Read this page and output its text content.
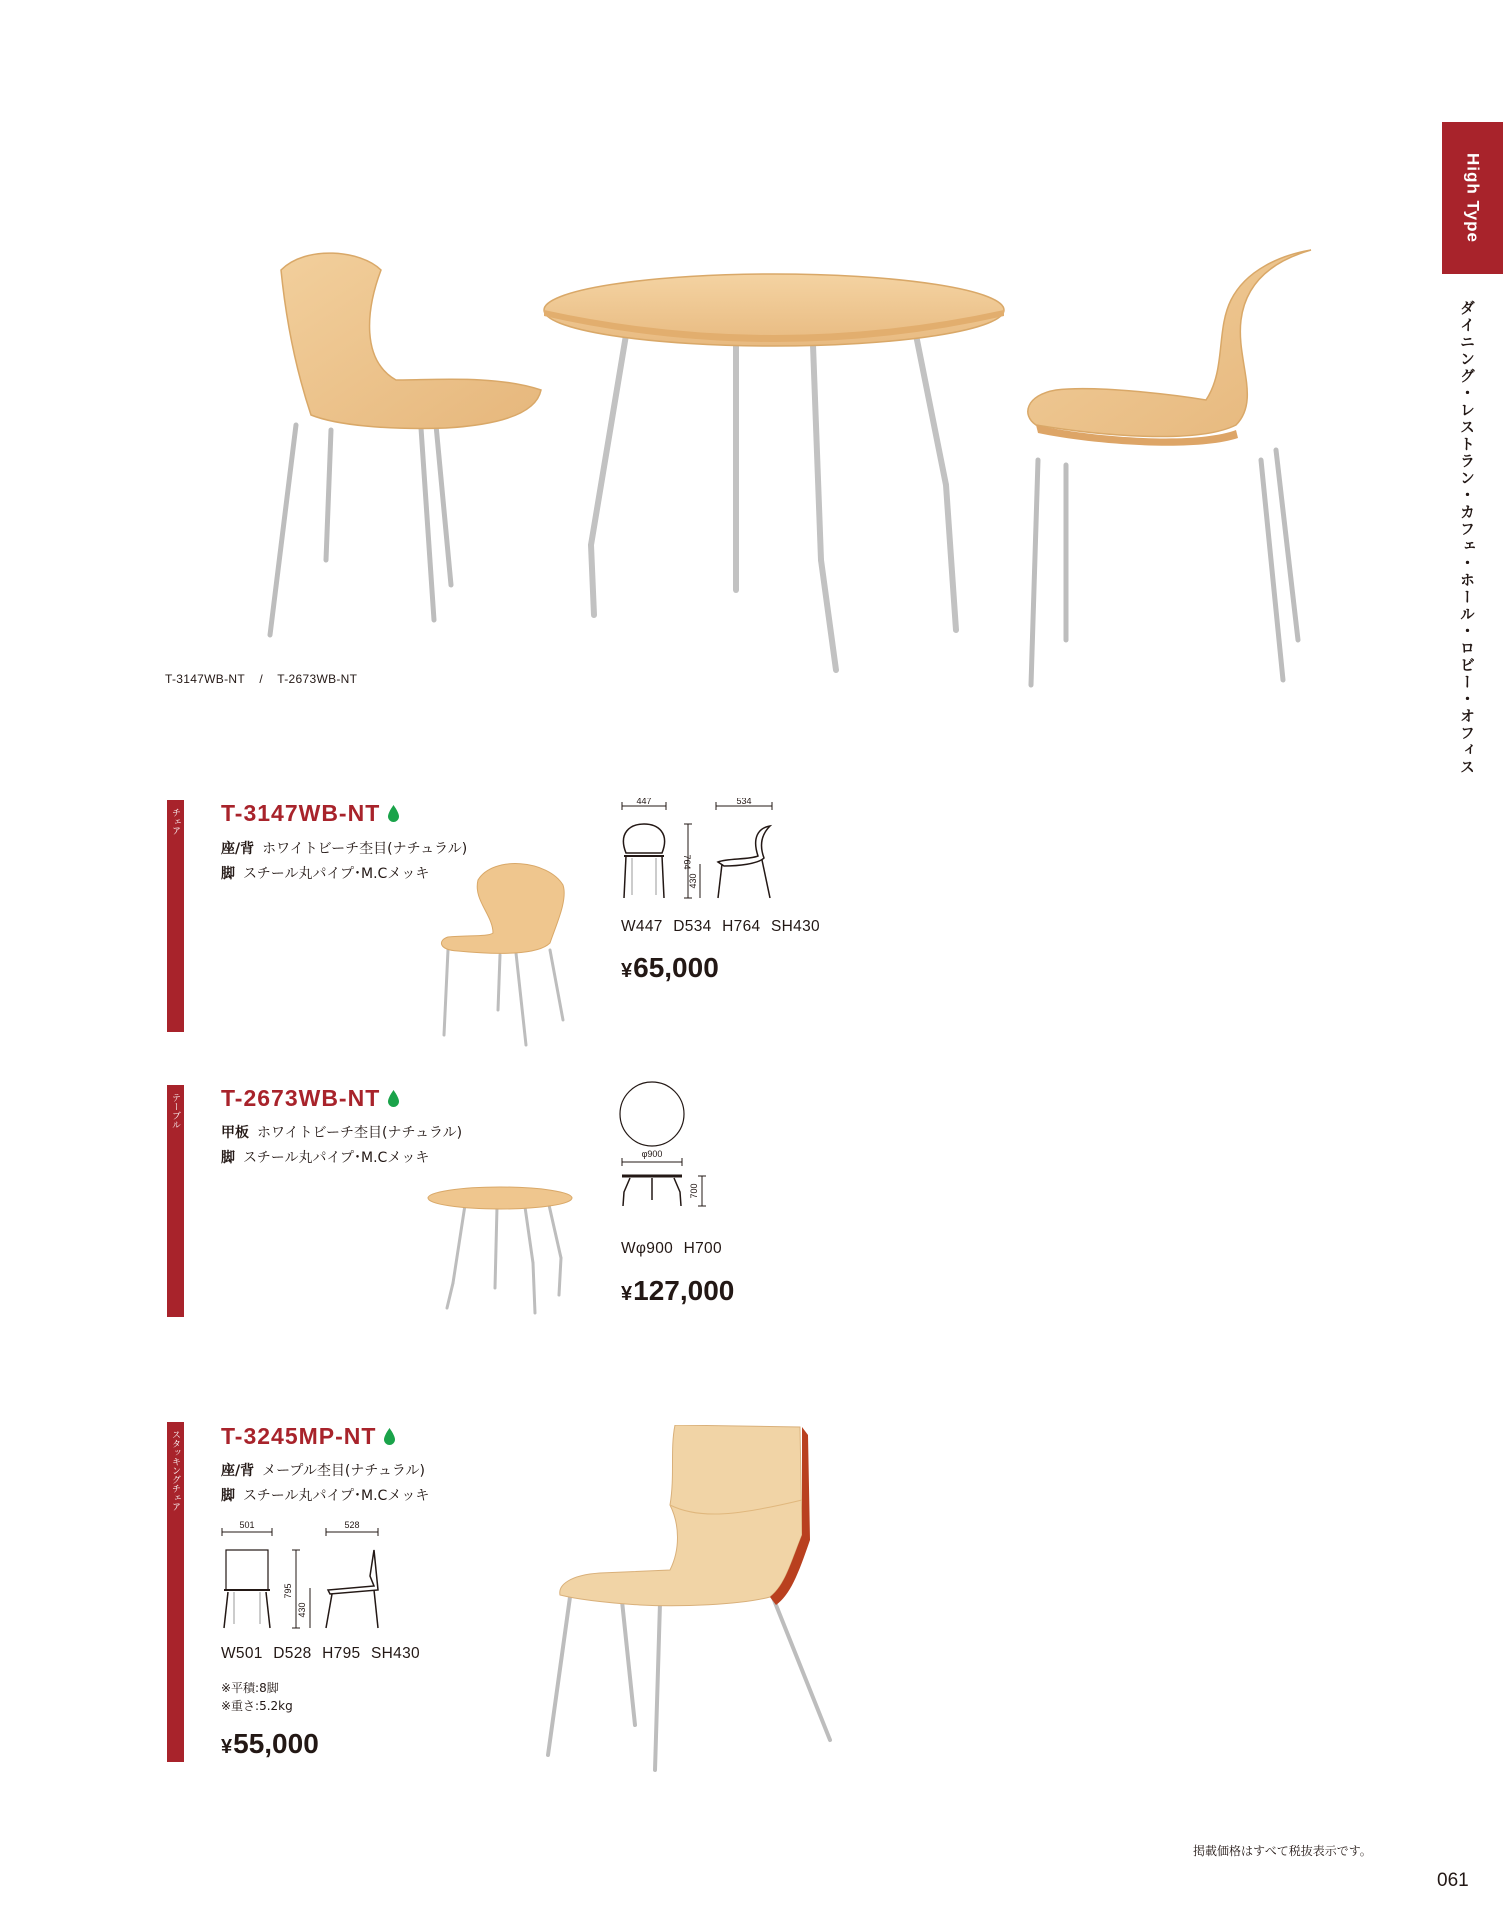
High Type
ダイニング・レストラン・カフェ・ホール・ロビー・オフィス
T-3147WB-NT / T-2673WB-NT
チェア T-3147WB-NT
座/背 ホワイトビーチ杢目(ナチュラル)
脚 スチール丸パイプ･M.Cメッキ
447	534
764
430
W447 D534 H764 SH430
¥65,000
テーブル T-2673WB-NT
甲板 ホワイトビーチ杢目(ナチュラル)
脚 スチール丸パイプ･M.Cメッキ	φ900
700
Wφ900 H700
¥127,000
スタッキングチェア T-3245MP-NT
座/背 メープル杢目(ナチュラル)
脚 スチール丸パイプ･M.Cメッキ
501	528
795
430
W501 D528 H795 SH430
※平積:8脚
※重さ:5.2kg
¥55,000
掲載価格はすべて税抜表示です。
061
